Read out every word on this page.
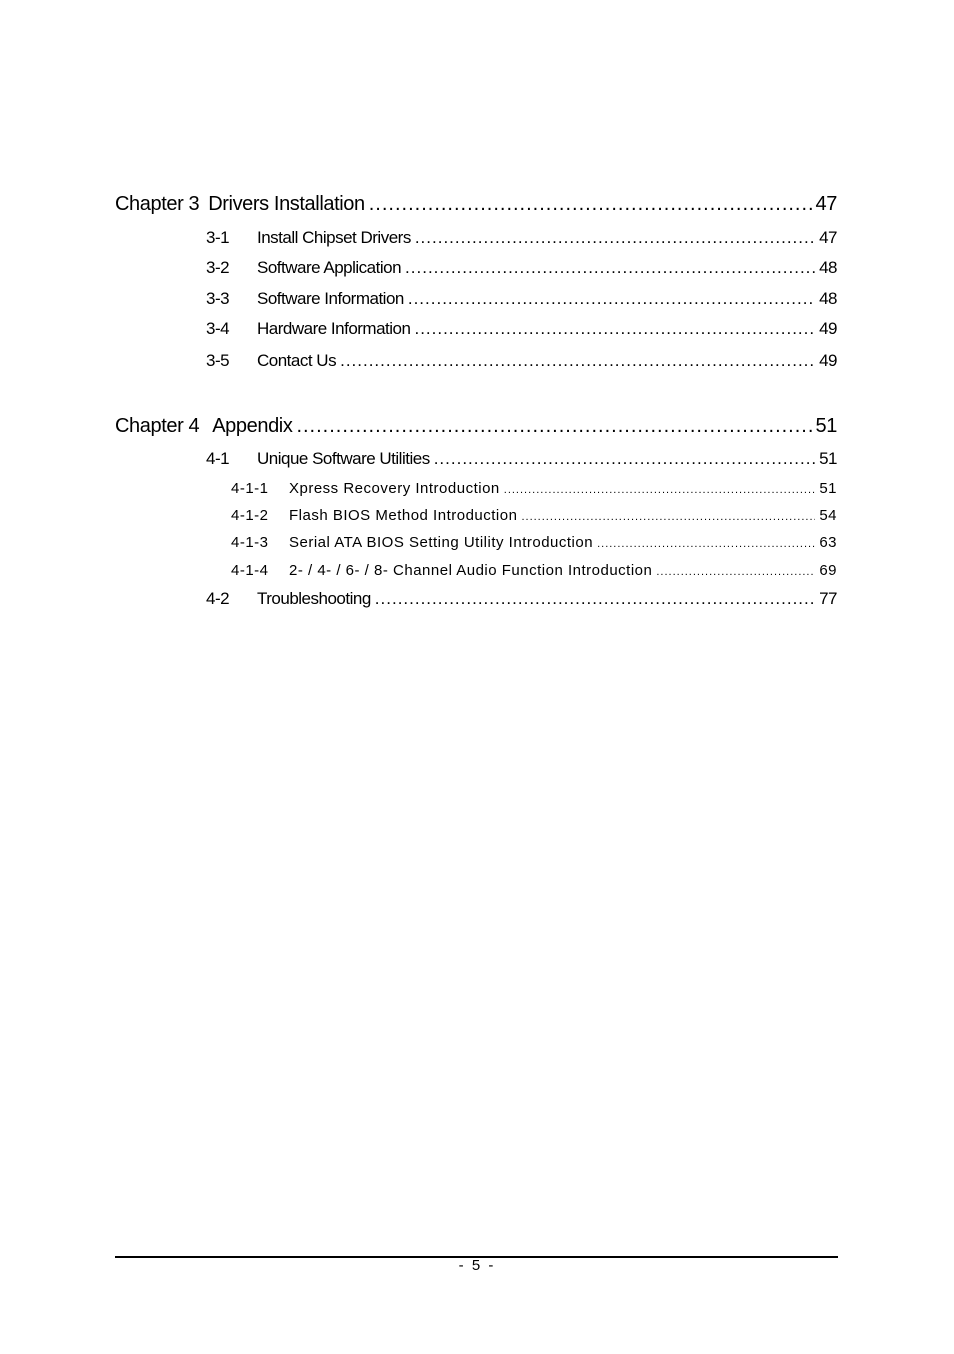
Chapter 3 Drivers Installation .....	47
3-1 Install Chipset Drivers .....	47
3-2 Software Application .....	48
3-3 Software Information .....	48
3-4 Hardware Information .....	49
3-5 Contact Us .....	49
Chapter 4 Appendix .....	51
4-1 Unique Software Utilities .....	51
4-1-1 Xpress Recovery Introduction .....	51
4-1-2 Flash BIOS Method Introduction .....	54
4-1-3 Serial ATA BIOS Setting Utility Introduction .....	63
4-1-4 2- / 4- / 6- / 8- Channel Audio Function Introduction .....	69
4-2 Troubleshooting .....	77
- 5 -
